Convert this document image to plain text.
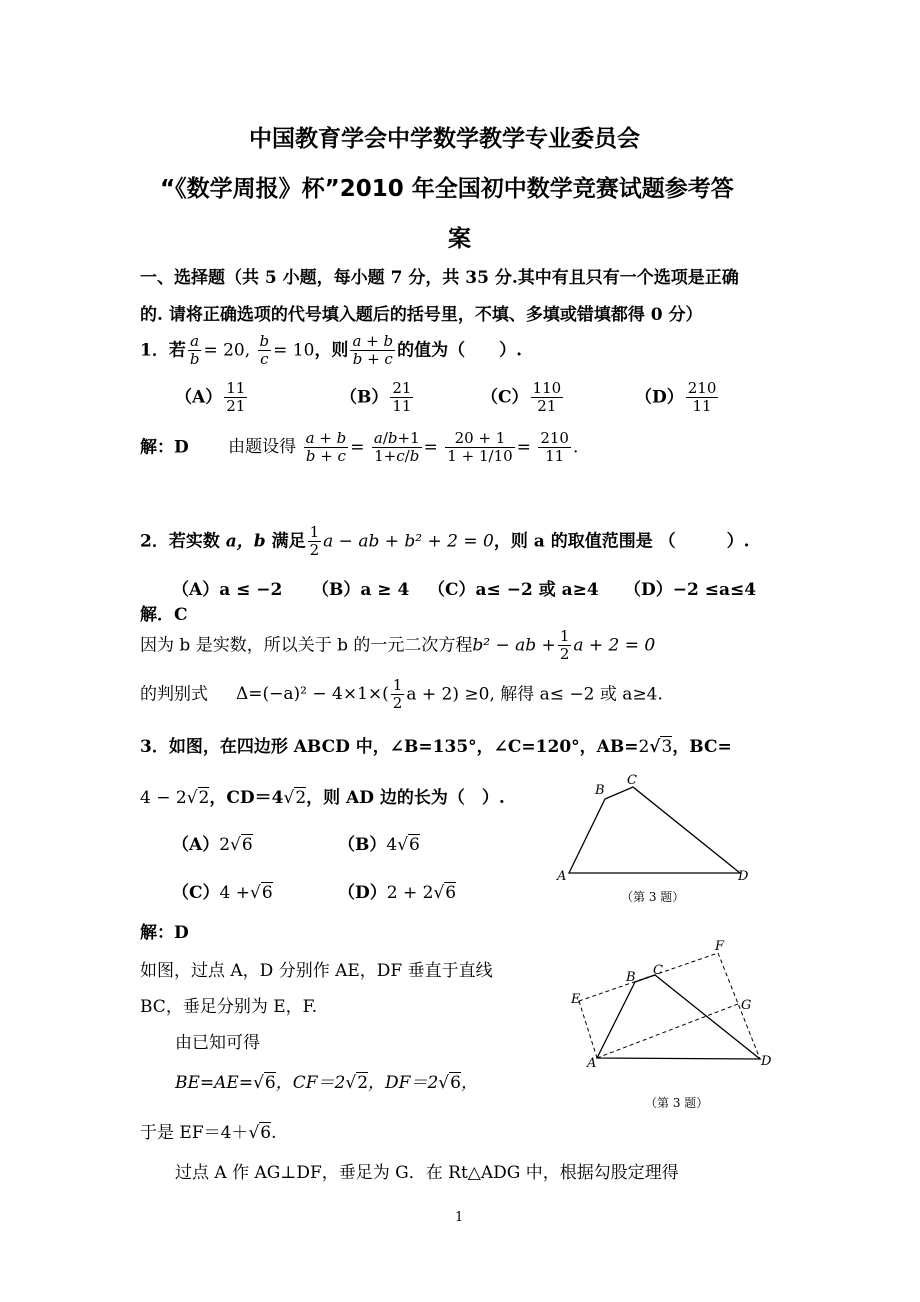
中国教育学会中学数学教学专业委员会
“《数学周报》杯”2010 年全国初中数学竞赛试题参考答
案
一、选择题（共 5 小题，每小题 7 分，共 35 分.其中有且只有一个选项是正确
的. 请将正确选项的代号填入题后的括号里，不填、多填或错填都得 0 分）
1．若 $\frac{a}{b} = 20$, $\frac{b}{c} = 10$，则 $\frac{a + b}{b + c}$ 的值为（　　）.
$(A) \frac{11}{21}$	$(B) \frac{21}{11}$	$(C) \frac{110}{21}$	$(D) \frac{210}{11}$
解：D 由题设得 $\frac{a + b}{b + c} = \frac{a/b+1}{1+c/b} = \frac{20 + 1}{1 + 1/10} = \frac{210}{11}$ .
2．若实数 a，b 满足 $\frac{1}{2}$ a − ab + b² + 2 = 0，则 a 的取值范围是 （　　　）.
（A）a ≤ −2 （B）a ≥ 4 （C）a≤ −2 或 a≥4 （D）−2 ≤a≤4
解．C
因为 b 是实数，所以关于 b 的一元二次方程b² − ab + $\frac{1}{2}$ a + 2 = 0
的判别式 $\Delta=(-a)^2 - 4\times 1\times( \frac{1}{2}$ a + 2) ≥0, 解得 a≤ −2 或 a≥4.
3．如图，在四边形 ABCD 中，∠B=135°，∠C=120°，AB=2√3，BC=
4 − 2√2，CD＝4√2，则 AD 边的长为（　）.
（A）2√6	（B）4√6
（C）4 +√6	（D）2 + 2√6
解：D
如图，过点 A，D 分别作 AE，DF 垂直于直线
BC，垂足分别为 E，F.
由已知可得
BE=AE=√6，CF＝2√2，DF＝2√6，
于是 EF＝4＋√6.
过点 A 作 AG⊥DF，垂足为 G．在 Rt△ADG 中，根据勾股定理得
A
B
C
D
（第 3 题）
A
B C
D
E
F
G
（第 3 题）
1
